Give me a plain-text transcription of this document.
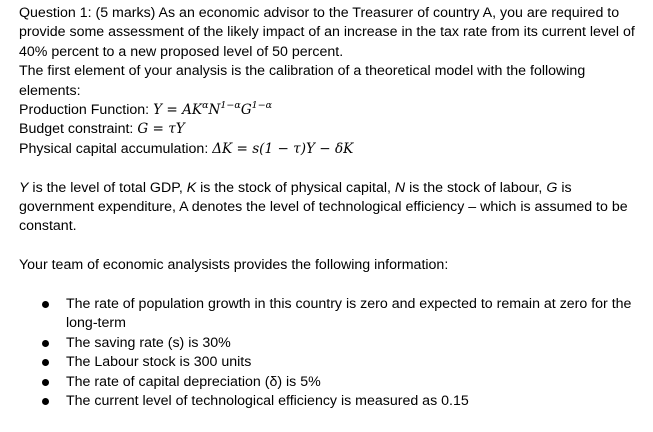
Question 1: (5 marks) As an economic advisor to the Treasurer of country A, you are required to provide some assessment of the likely impact of an increase in the tax rate from its current level of 40% percent to a new proposed level of 50 percent.

The first element of your analysis is the calibration of a theoretical model with the following elements:

Production Function: $Y = AK^\alpha N^{1-\alpha}G^{1-\alpha}$

Budget constraint: G = τY

Physical capital accumulation: ΔK = s(1 − τ)Y − δK

Y is the level of total GDP, K is the stock of physical capital, N is the stock of labour, G is government expenditure, A denotes the level of technological efficiency – which is assumed to be constant.

Your team of economic analysists provides the following information:

The rate of population growth in this country is zero and expected to remain at zero for the long-term
The saving rate (s) is 30%
The Labour stock is 300 units
The rate of capital depreciation (δ) is 5%
The current level of technological efficiency is measured as 0.15
